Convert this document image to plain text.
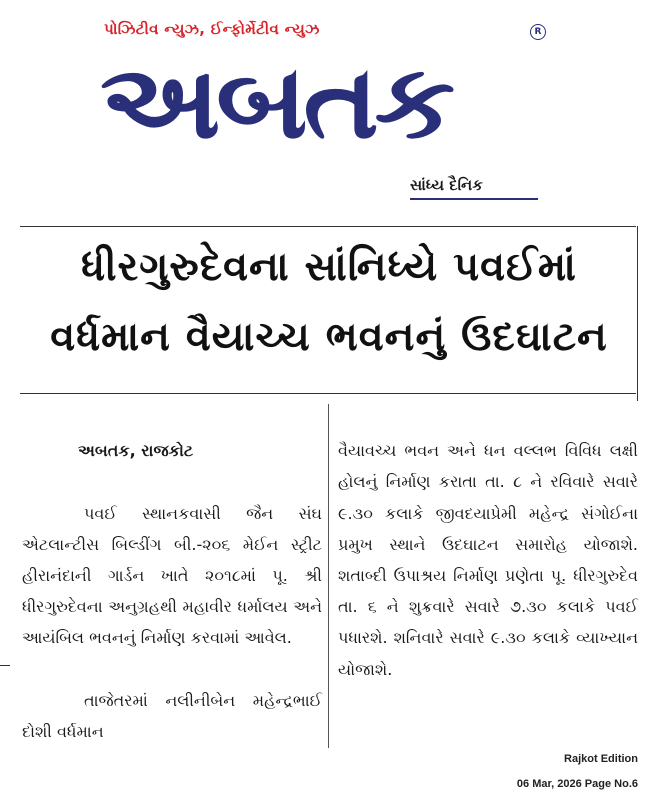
પોઝિટીવ ન્યુઝ, ઈન્ફોર્મેટીવ ન્યુઝ	R
અબતક
સાંધ્ય દૈનિક
ધીરગુરુદેવના સાંનિધ્યે પવઈમાં
વર્ધમાન વૈયાચ્ચ ભવનનું ઉદઘાટન

અબતક, રાજકોટ

પવઈ સ્થાનકવાસી જૈન સંઘ એટલાન્ટીસ બિલ્ડીંગ બી.-૨૦૬ મેઈન સ્ટ્રીટ હીરાનંદાની ગાર્ડન ખાતે ૨૦૧૮માં પૂ. શ્રી ધીરગુરુદેવના અનુગ્રહથી મહાવીર ધર્માલય અને આયંબિલ ભવનનું નિર્માણ કરવામાં આવેલ.

તાજેતરમાં નલીનીબેન મહેન્દ્રભાઈ દોશી વર્ધમાન

વૈયાવચ્ચ ભવન અને ધન વલ્લભ વિવિધ લક્ષી હોલનું નિર્માણ કરાતા તા. ૮ ને રવિવારે સવારે ૯.૩૦ કલાકે જીવદયાપ્રેમી મહેન્દ્ર સંગોઈના પ્રમુખ સ્થાને ઉદઘાટન સમારોહ યોજાશે. શતાબ્દી ઉપાશ્રય નિર્માણ પ્રણેતા પૂ. ધીરગુરુદેવ તા. ૬ ને શુક્રવારે સવારે ૭.૩૦ કલાકે પવઈ પધારશે. શનિવારે સવારે ૯.૩૦ કલાકે વ્યાખ્યાન યોજાશે.

Rajkot Edition
06 Mar, 2026 Page No.6
